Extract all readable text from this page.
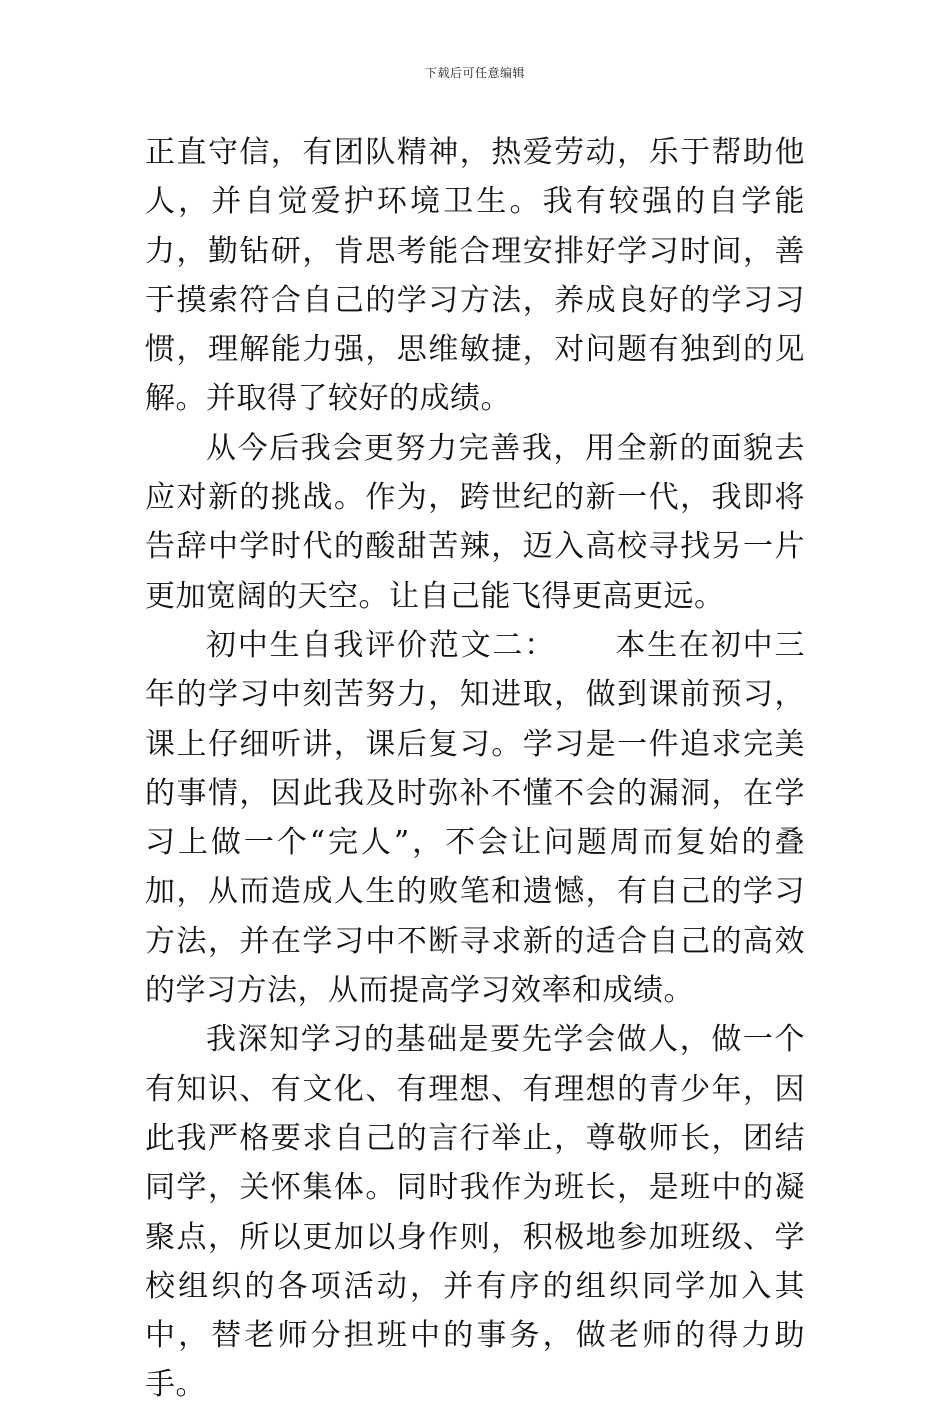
下载后可任意编辑

正直守信，有团队精神，热爱劳动，乐于帮助他人，并自觉爱护环境卫生。我有较强的自学能力，勤钻研，肯思考能合理安排好学习时间，善于摸索符合自己的学习方法，养成良好的学习习惯，理解能力强，思维敏捷，对问题有独到的见解。并取得了较好的成绩。

从今后我会更努力完善我，用全新的面貌去应对新的挑战。作为，跨世纪的新一代，我即将告辞中学时代的酸甜苦辣，迈入高校寻找另一片更加宽阔的天空。让自己能飞得更高更远。

初中生自我评价范文二： 本生在初中三年的学习中刻苦努力，知进取，做到课前预习，课上仔细听讲，课后复习。学习是一件追求完美的事情，因此我及时弥补不懂不会的漏洞，在学习上做一个“完人”，不会让问题周而复始的叠加，从而造成人生的败笔和遗憾，有自己的学习方法，并在学习中不断寻求新的适合自己的高效的学习方法，从而提高学习效率和成绩。

我深知学习的基础是要先学会做人，做一个有知识、有文化、有理想、有理想的青少年，因此我严格要求自己的言行举止，尊敬师长，团结同学，关怀集体。同时我作为班长，是班中的凝聚点，所以更加以身作则，积极地参加班级、学校组织的各项活动，并有序的组织同学加入其中，替老师分担班中的事务，做老师的得力助手。
